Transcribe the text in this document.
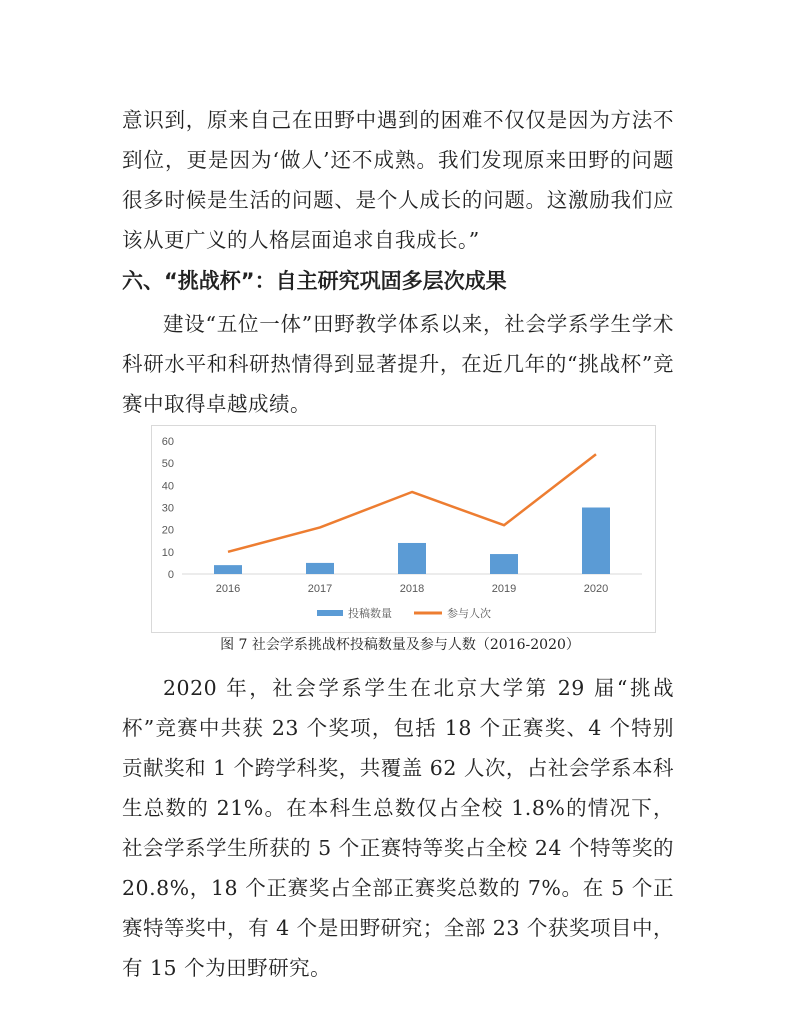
意识到，原来自己在田野中遇到的困难不仅仅是因为方法不到位，更是因为‘做人’还不成熟。我们发现原来田野的问题很多时候是生活的问题、是个人成长的问题。这激励我们应该从更广义的人格层面追求自我成长。”

六、“挑战杯”：自主研究巩固多层次成果

建设“五位一体”田野教学体系以来，社会学系学生学术科研水平和科研热情得到显著提升，在近几年的“挑战杯”竞赛中取得卓越成绩。

0
10
20
30
40
50
60
2016	2017	2018	2019	2020
投稿数量	参与人次

图 7 社会学系挑战杯投稿数量及参与人数（2016-2020）

2020 年，社会学系学生在北京大学第 29 届“挑战杯”竞赛中共获 23 个奖项，包括 18 个正赛奖、4 个特别贡献奖和 1 个跨学科奖，共覆盖 62 人次，占社会学系本科生总数的 21%。在本科生总数仅占全校 1.8%的情况下，社会学系学生所获的 5 个正赛特等奖占全校 24 个特等奖的 20.8%，18 个正赛奖占全部正赛奖总数的 7%。在 5 个正赛特等奖中，有 4 个是田野研究；全部 23 个获奖项目中，有 15 个为田野研究。
